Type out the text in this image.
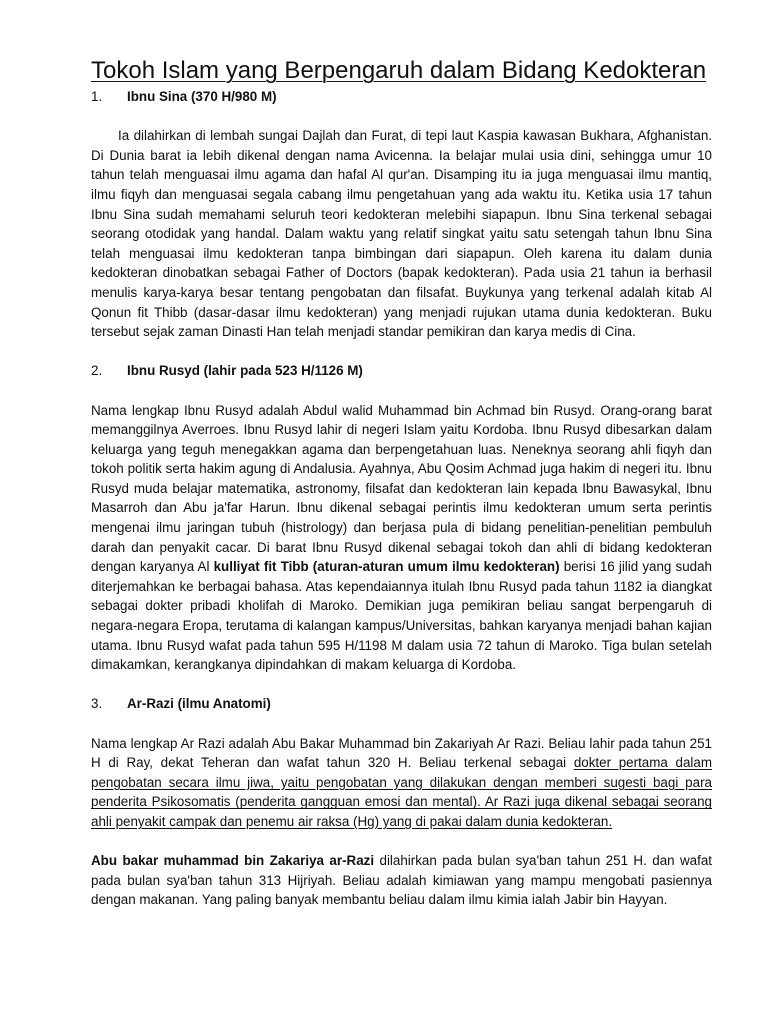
Tokoh Islam yang Berpengaruh dalam Bidang Kedokteran
1. Ibnu Sina (370 H/980 M)

Ia dilahirkan di lembah sungai Dajlah dan Furat, di tepi laut Kaspia kawasan Bukhara, Afghanistan. Di Dunia barat ia lebih dikenal dengan nama Avicenna. Ia belajar mulai usia dini, sehingga umur 10 tahun telah menguasai ilmu agama dan hafal Al qur'an. Disamping itu ia juga menguasai ilmu mantiq, ilmu fiqyh dan menguasai segala cabang ilmu pengetahuan yang ada waktu itu. Ketika usia 17 tahun Ibnu Sina sudah memahami seluruh teori kedokteran melebihi siapapun. Ibnu Sina terkenal sebagai seorang otodidak yang handal. Dalam waktu yang relatif singkat yaitu satu setengah tahun Ibnu Sina telah menguasai ilmu kedokteran tanpa bimbingan dari siapapun. Oleh karena itu dalam dunia kedokteran dinobatkan sebagai Father of Doctors (bapak kedokteran). Pada usia 21 tahun ia berhasil menulis karya-karya besar tentang pengobatan dan filsafat. Buykunya yang terkenal adalah kitab Al Qonun fit Thibb (dasar-dasar ilmu kedokteran) yang menjadi rujukan utama dunia kedokteran. Buku tersebut sejak zaman Dinasti Han telah menjadi standar pemikiran dan karya medis di Cina.

2. Ibnu Rusyd (lahir pada 523 H/1126 M)

Nama lengkap Ibnu Rusyd adalah Abdul walid Muhammad bin Achmad bin Rusyd. Orang-orang barat memanggilnya Averroes. Ibnu Rusyd lahir di negeri Islam yaitu Kordoba. Ibnu Rusyd dibesarkan dalam keluarga yang teguh menegakkan agama dan berpengetahuan luas. Neneknya seorang ahli fiqyh dan tokoh politik serta hakim agung di Andalusia. Ayahnya, Abu Qosim Achmad juga hakim di negeri itu. Ibnu Rusyd muda belajar matematika, astronomy, filsafat dan kedokteran lain kepada Ibnu Bawasykal, Ibnu Masarroh dan Abu ja'far Harun. Ibnu dikenal sebagai perintis ilmu kedokteran umum serta perintis mengenai ilmu jaringan tubuh (histrology) dan berjasa pula di bidang penelitian-penelitian pembuluh darah dan penyakit cacar. Di barat Ibnu Rusyd dikenal sebagai tokoh dan ahli di bidang kedokteran dengan karyanya Al kulliyat fit Tibb (aturan-aturan umum ilmu kedokteran) berisi 16 jilid yang sudah diterjemahkan ke berbagai bahasa. Atas kependaiannya itulah Ibnu Rusyd pada tahun 1182 ia diangkat sebagai dokter pribadi kholifah di Maroko. Demikian juga pemikiran beliau sangat berpengaruh di negara-negara Eropa, terutama di kalangan kampus/Universitas, bahkan karyanya menjadi bahan kajian utama. Ibnu Rusyd wafat pada tahun 595 H/1198 M dalam usia 72 tahun di Maroko. Tiga bulan setelah dimakamkan, kerangkanya dipindahkan di makam keluarga di Kordoba.

3. Ar-Razi (ilmu Anatomi)

Nama lengkap Ar Razi adalah Abu Bakar Muhammad bin Zakariyah Ar Razi. Beliau lahir pada tahun 251 H di Ray, dekat Teheran dan wafat tahun 320 H. Beliau terkenal sebagai dokter pertama dalam pengobatan secara ilmu jiwa, yaitu pengobatan yang dilakukan dengan memberi sugesti bagi para penderita Psikosomatis (penderita gangguan emosi dan mental). Ar Razi juga dikenal sebagai seorang ahli penyakit campak dan penemu air raksa (Hg) yang di pakai dalam dunia kedokteran.

Abu bakar muhammad bin Zakariya ar-Razi dilahirkan pada bulan sya'ban tahun 251 H. dan wafat pada bulan sya'ban tahun 313 Hijriyah. Beliau adalah kimiawan yang mampu mengobati pasiennya dengan makanan. Yang paling banyak membantu beliau dalam ilmu kimia ialah Jabir bin Hayyan.
